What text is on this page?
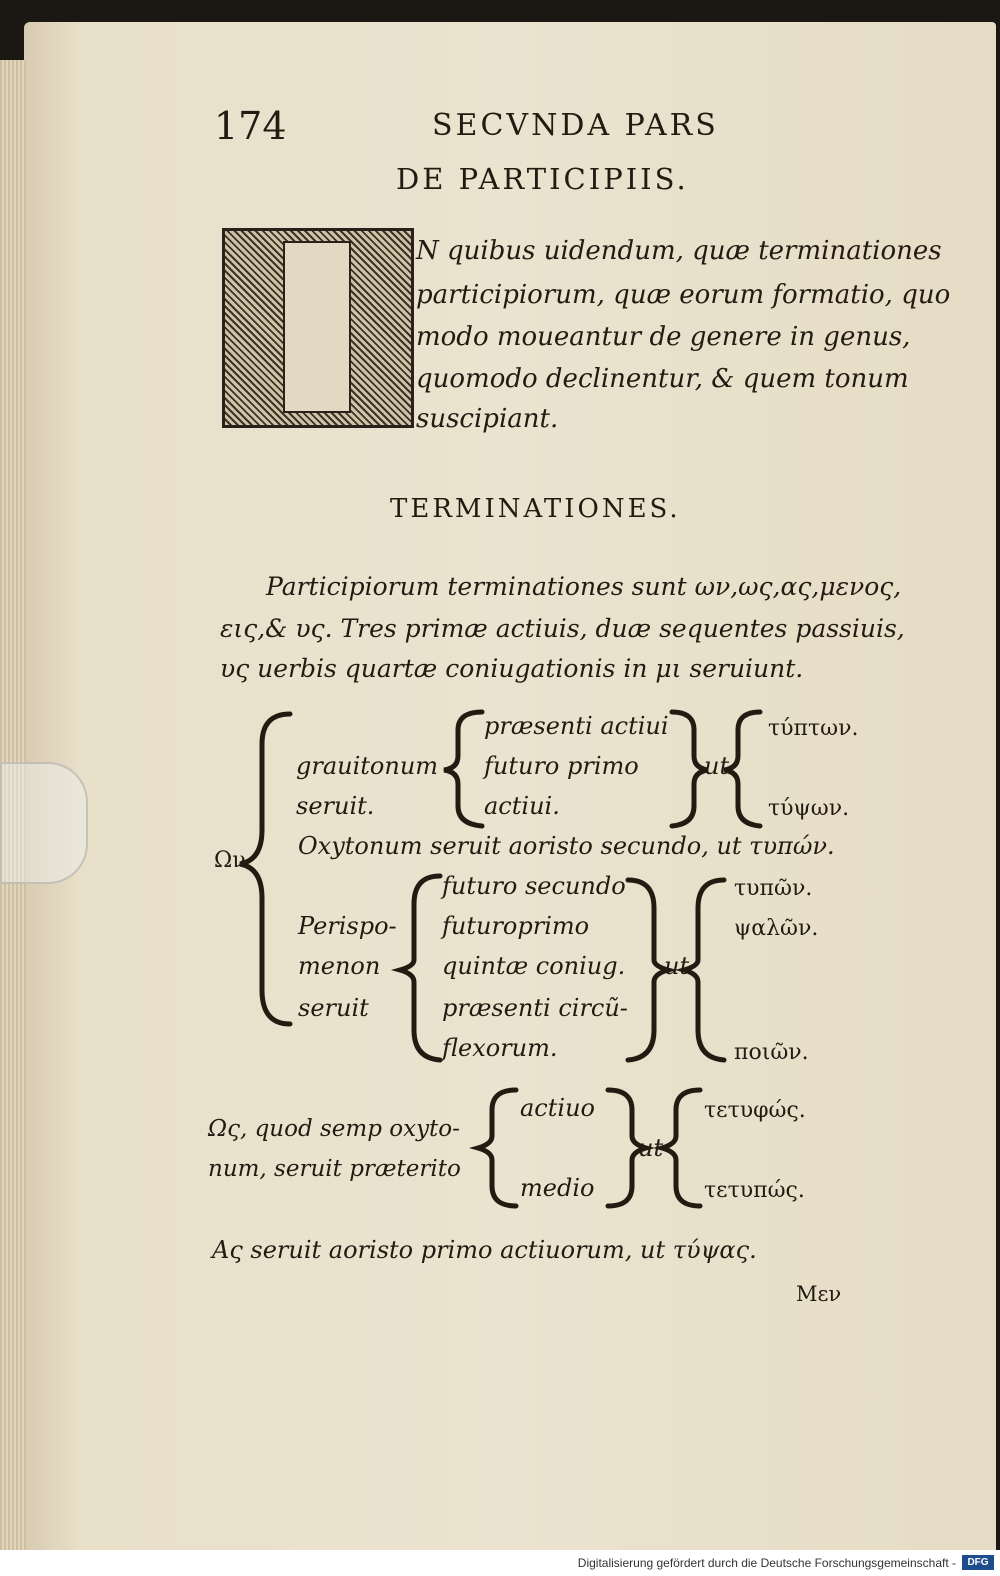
174	SECVNDA PARS
DE PARTICIPIIS.
N quibus uidendum, quæ terminationes
participiorum, quæ eorum formatio, quo
modo moueantur de genere in genus,
quomodo declinentur, & quem tonum
suscipiant.
TERMINATIONES.
Participiorum terminationes sunt ων,ως,ας,μενος,
εις,& υς. Tres primæ actiuis, duæ sequentes passiuis,
υς uerbis quartæ coniugationis in μι seruiunt.
Ων
grauitonum
seruit.
præsenti actiui
futuro primo
actiui.
ut
τύπτων.
τύψων.
Oxytonum seruit aoristo secundo, ut τυπών.
Perispo-
menon
seruit
futuro secundo
futuroprimo
quintæ coniug.
præsenti circũ-
flexorum.
ut
τυπῶν.
ψαλῶν.
ποιῶν.
Ως, quod semp oxyto-
num, seruit præterito
actiuo
medio
ut
τετυφώς.
τετυπώς.
Ας seruit aoristo primo actiuorum, ut τύψας.
Μεν
Digitalisierung gefördert durch die Deutsche Forschungsgemeinschaft -	DFG
